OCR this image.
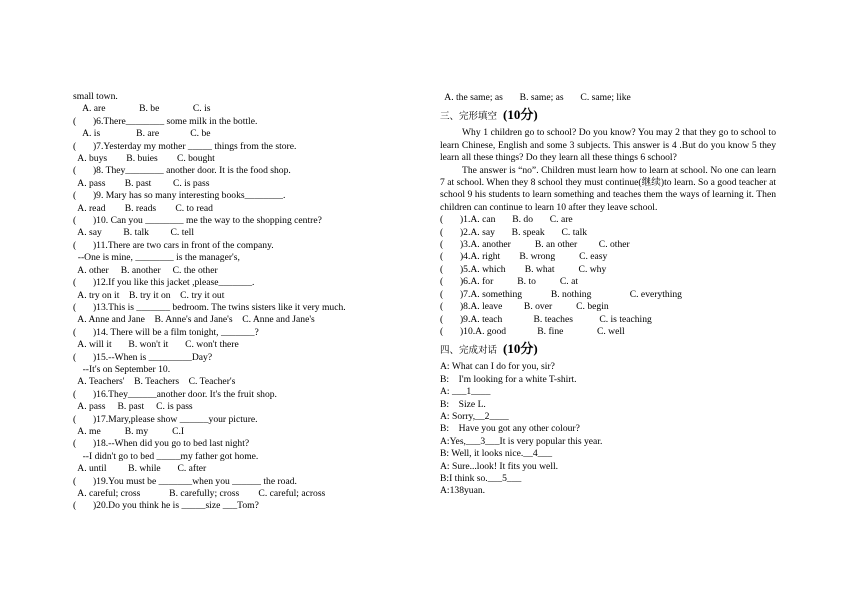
small town.
A. are              B. be              C. is
(       )6.There________ some milk in the bottle.
A. is               B. are             C. be
(       )7.Yesterday my mother _____ things from the store.
A. buys        B. buies        C. bought
(       )8. They________ another door. It is the food shop.
A. pass        B. past         C. is pass
(       )9. Mary has so many interesting books________.
A. read        B. reads        C. to read
(       )10. Can you ________ me the way to the shopping centre?
A. say         B. talk         C. tell
(       )11.There are two cars in front of the company.
--One is mine, ________ is the manager's,
A. other     B. another     C. the other
(       )12.If you like this jacket ,please_______.
A. try on it    B. try it on    C. try it out
(       )13.This is _______ bedroom. The twins sisters like it very much.
A. Anne and Jane    B. Anne's and Jane's    C. Anne and Jane's
(       )14. There will be a film tonight, _______?
A. will it       B. won't it       C. won't there
(       )15.--When is _________Day?
--It's on September 10.
A. Teachers'    B. Teachers    C. Teacher's
(       )16.They______another door. It's the fruit shop.
A. pass     B. past     C. is pass
(       )17.Mary,please show ______your picture.
A. me          B. my          C.I
(       )18.--When did you go to bed last night?
--I didn't go to bed _____my father got home.
A. until         B. while       C. after
(       )19.You must be _______when you ______ the road.
A. careful; cross            B. carefully; cross        C. careful; across
(       )20.Do you think he is _____size ___Tom?
A. the same; as       B. same; as       C. same; like
三、完形填空 (10分)
Why 1 children go to school? Do you know? You may 2 that they go to school to learn Chinese, English and some 3 subjects. This answer is 4 .But do you know 5 they learn all these things? Do they learn all these things 6 school?
The answer is “no”. Children must learn how to learn at school. No one can learn 7 at school. When they 8 school they must continue(继续)to learn. So a good teacher at school 9 his students to learn something and teaches them the ways of learning it. Then children can continue to learn 10 after they leave school.
(       )1.A. can       B. do       C. are
(       )2.A. say       B. speak       C. talk
(       )3.A. another          B. an other         C. other
(       )4.A. right        B. wrong          C. easy
(       )5.A. which        B. what          C. why
(       )6.A. for          B. to          C. at
(       )7.A. something            B. nothing                C. everything
(       )8.A. leave         B. over          C. begin
(       )9.A. teach             B. teaches           C. is teaching
(       )10.A. good             B. fine              C. well
四、完成对话 (10分)
A: What can I do for you, sir?
B:    I'm looking for a white T-shirt.
A: ___1____
B:    Size L.
A: Sorry,__2____
B:    Have you got any other colour?
A:Yes,___3___It is very popular this year.
B: Well, it looks nice.__4___
A: Sure...look! It fits you well.
B:I think so.___5___
A:138yuan.
